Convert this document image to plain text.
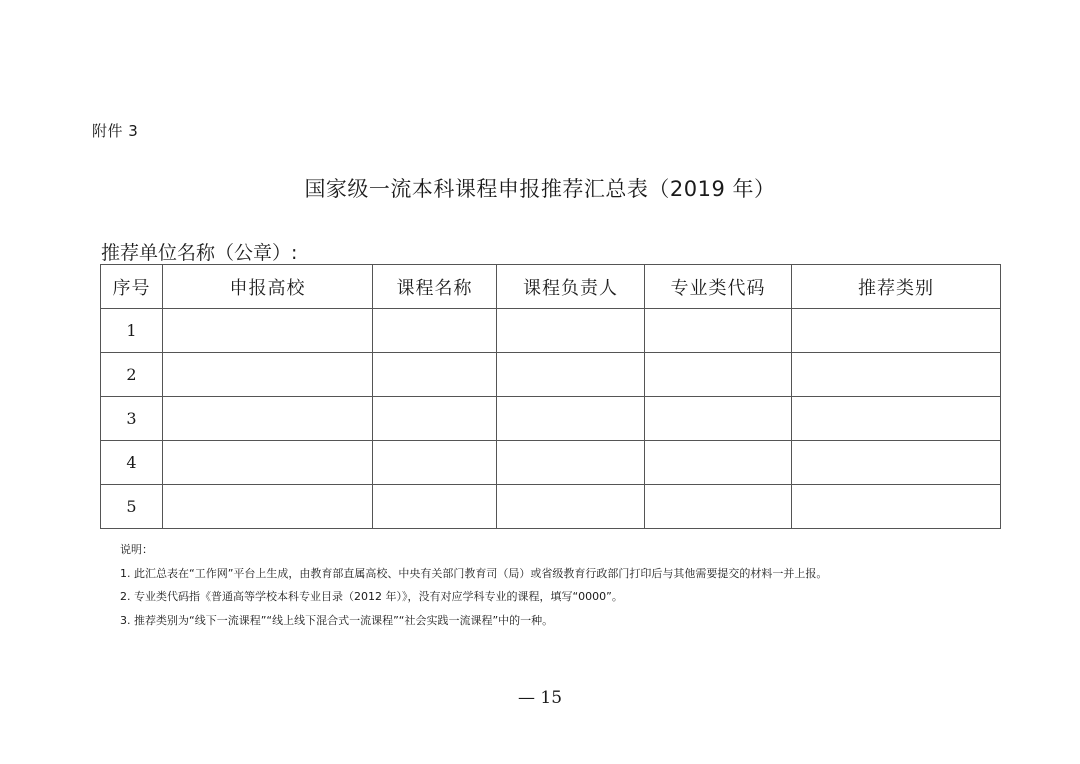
附件 3
国家级一流本科课程申报推荐汇总表（2019 年）
推荐单位名称（公章）:
序号	申报高校	课程名称	课程负责人	专业类代码	推荐类别
1					
2					
3					
4					
5					

说明：

1. 此汇总表在“工作网”平台上生成，由教育部直属高校、中央有关部门教育司（局）或省级教育行政部门打印后与其他需要提交的材料一并上报。

2. 专业类代码指《普通高等学校本科专业目录（2012 年）》，没有对应学科专业的课程，填写“0000”。

3. 推荐类别为“线下一流课程”“线上线下混合式一流课程”“社会实践一流课程”中的一种。

— 15
